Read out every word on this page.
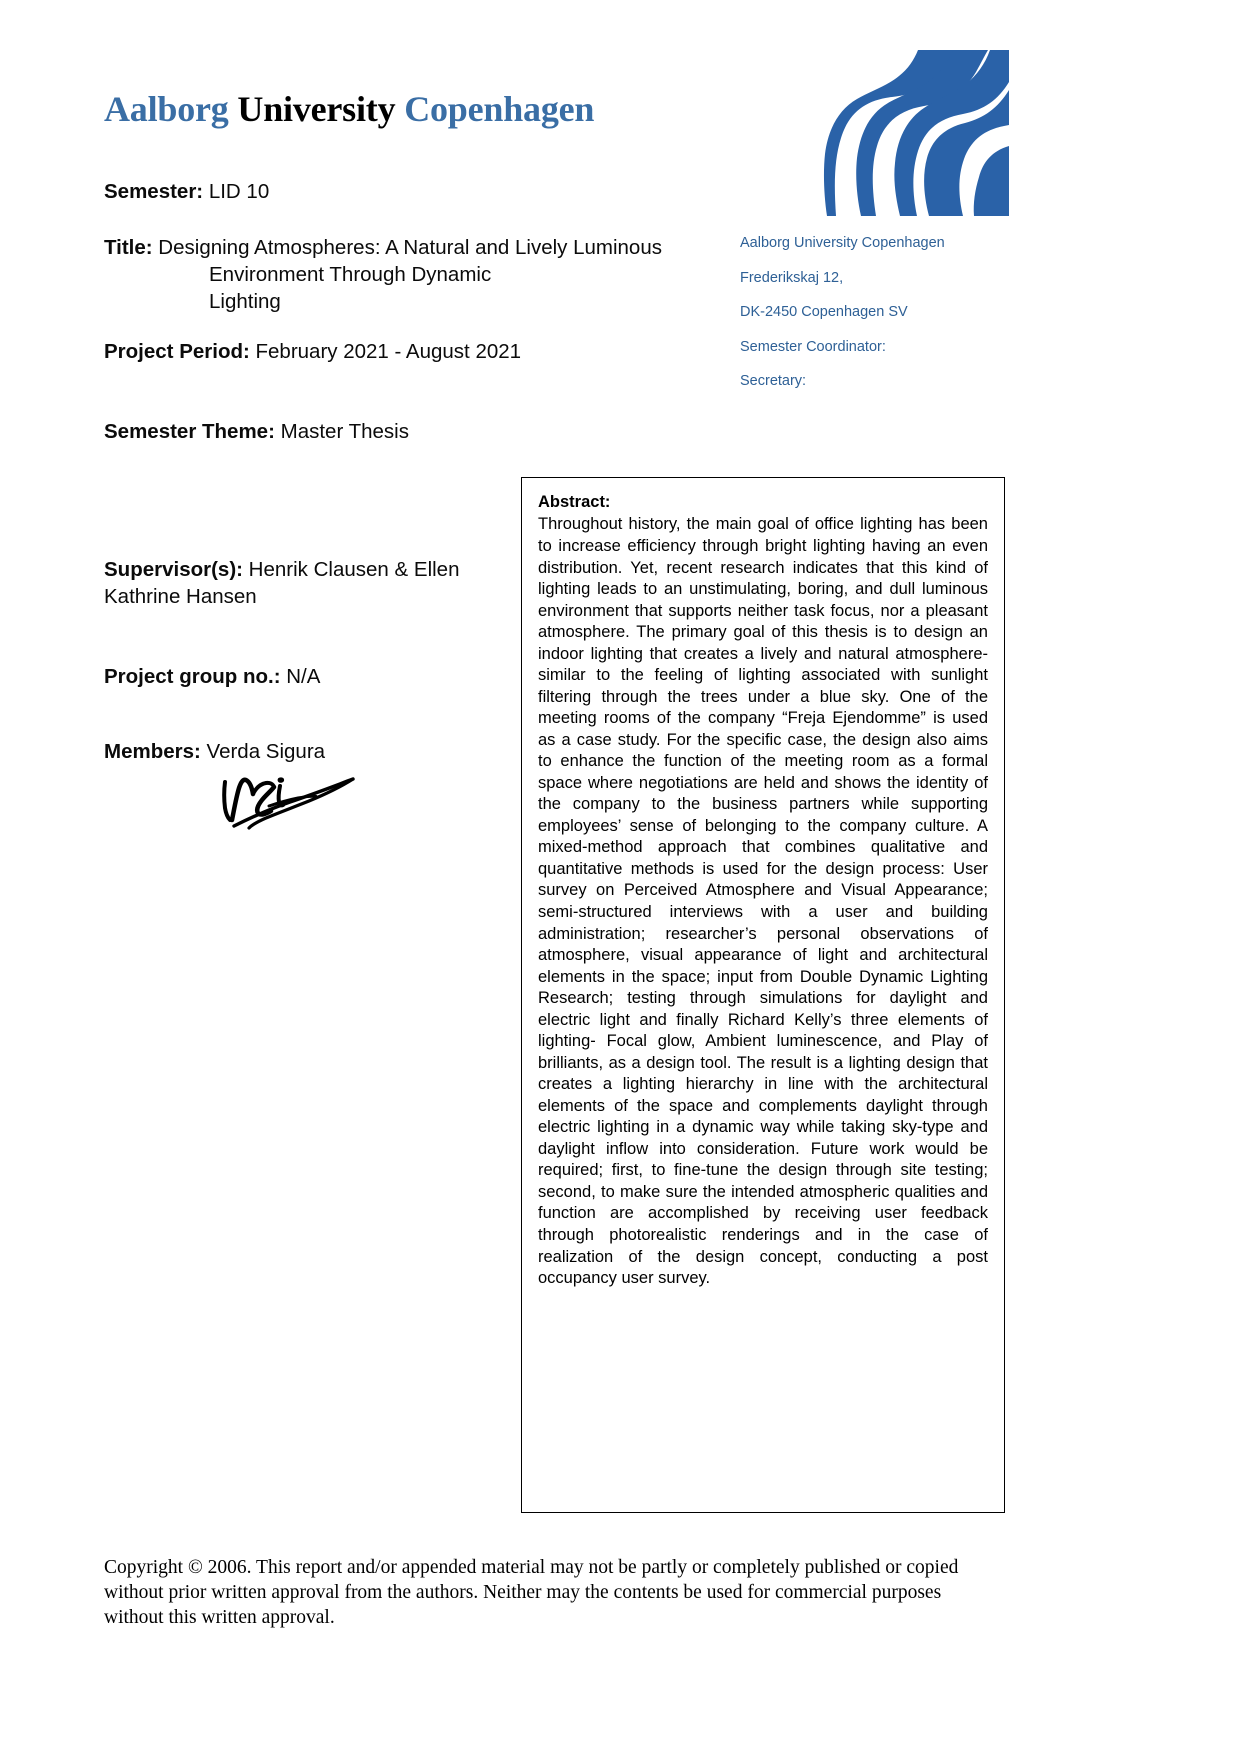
Aalborg University Copenhagen
Semester: LID 10
Title: Designing Atmospheres: A Natural and Lively Luminous
Environment Through Dynamic
Lighting
Project Period: February 2021 - August 2021
Semester Theme: Master Thesis
Supervisor(s): Henrik Clausen & Ellen Kathrine Hansen
Project group no.: N/A
Members: Verda Sigura
Aalborg University Copenhagen
Frederikskaj 12,
DK-2450 Copenhagen SV
Semester Coordinator:
Secretary:
Abstract:

Throughout history, the main goal of office lighting has been to increase efficiency through bright lighting having an even distribution. Yet, recent research indicates that this kind of lighting leads to an unstimulating, boring, and dull luminous environment that supports neither task focus, nor a pleasant atmosphere. The primary goal of this thesis is to design an indoor lighting that creates a lively and natural atmosphere- similar to the feeling of lighting associated with sunlight filtering through the trees under a blue sky. One of the meeting rooms of the company “Freja Ejendomme” is used as a case study. For the specific case, the design also aims to enhance the function of the meeting room as a formal space where negotiations are held and shows the identity of the company to the business partners while supporting employees’ sense of belonging to the company culture. A mixed-method approach that combines qualitative and quantitative methods is used for the design process: User survey on Perceived Atmosphere and Visual Appearance; semi-structured interviews with a user and building administration; researcher’s personal observations of atmosphere, visual appearance of light and architectural elements in the space; input from Double Dynamic Lighting Research; testing through simulations for daylight and electric light and finally Richard Kelly’s three elements of lighting- Focal glow, Ambient luminescence, and Play of brilliants, as a design tool. The result is a lighting design that creates a lighting hierarchy in line with the architectural elements of the space and complements daylight through electric lighting in a dynamic way while taking sky-type and daylight inflow into consideration. Future work would be required; first, to fine-tune the design through site testing; second, to make sure the intended atmospheric qualities and function are accomplished by receiving user feedback through photorealistic renderings and in the case of realization of the design concept, conducting a post occupancy user survey.

Copyright © 2006. This report and/or appended material may not be partly or completely published or copied without prior written approval from the authors. Neither may the contents be used for commercial purposes without this written approval.
